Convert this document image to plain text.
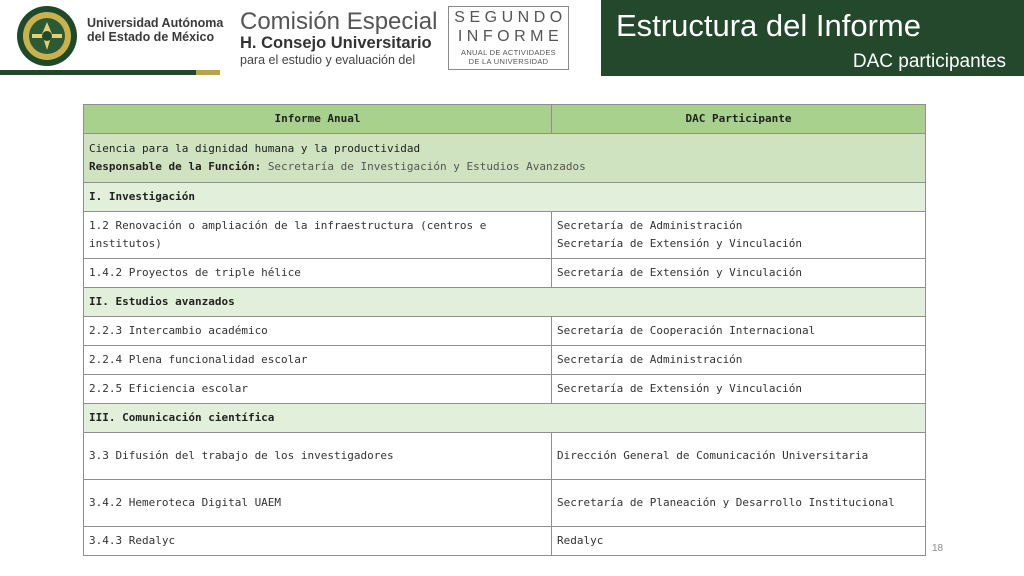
Universidad Autónoma
del Estado de México
Comisión Especial
H. Consejo Universitario
para el estudio y evaluación del
SEGUNDO
INFORME
ANUAL DE ACTIVIDADES
DE LA UNIVERSIDAD
Estructura del Informe
DAC participantes
Informe Anual	DAC Participante

Ciencia para la dignidad humana y la productividad
Responsable de la Función: Secretaría de Investigación y Estudios Avanzados	

I. Investigación	
1.2 Renovación o ampliación de la infraestructura (centros e institutos)	Secretaría de Administración
Secretaría de Extensión y Vinculación

1.4.2 Proyectos de triple hélice	Secretaría de Extensión y Vinculación
II. Estudios avanzados	
2.2.3 Intercambio académico	Secretaría de Cooperación Internacional
2.2.4 Plena funcionalidad escolar	Secretaría de Administración
2.2.5 Eficiencia escolar	Secretaría de Extensión y Vinculación
III. Comunicación científica	
3.3 Difusión del trabajo de los investigadores	Dirección General de Comunicación Universitaria
3.4.2 Hemeroteca Digital UAEM	Secretaría de Planeación y Desarrollo Institucional
3.4.3 Redalyc	Redalyc
18
